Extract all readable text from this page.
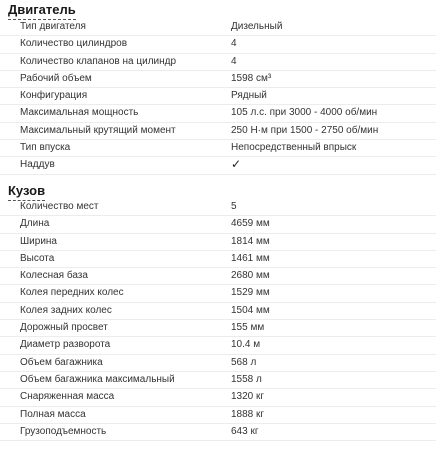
Двигатель
Тип двигателя	Дизельный
Количество цилиндров	4
Количество клапанов на цилиндр	4
Рабочий объем	1598 см³
Конфигурация	Рядный
Максимальная мощность	105 л.с. при 3000 - 4000 об/мин
Максимальный крутящий момент	250 Н·м при 1500 - 2750 об/мин
Тип впуска	Непосредственный впрыск
Наддув	✓
Кузов
Количество мест	5
Длина	4659 мм
Ширина	1814 мм
Высота	1461 мм
Колесная база	2680 мм
Колея передних колес	1529 мм
Колея задних колес	1504 мм
Дорожный просвет	155 мм
Диаметр разворота	10.4 м
Объем багажника	568 л
Объем багажника максимальный	1558 л
Снаряженная масса	1320 кг
Полная масса	1888 кг
Грузоподъемность	643 кг
